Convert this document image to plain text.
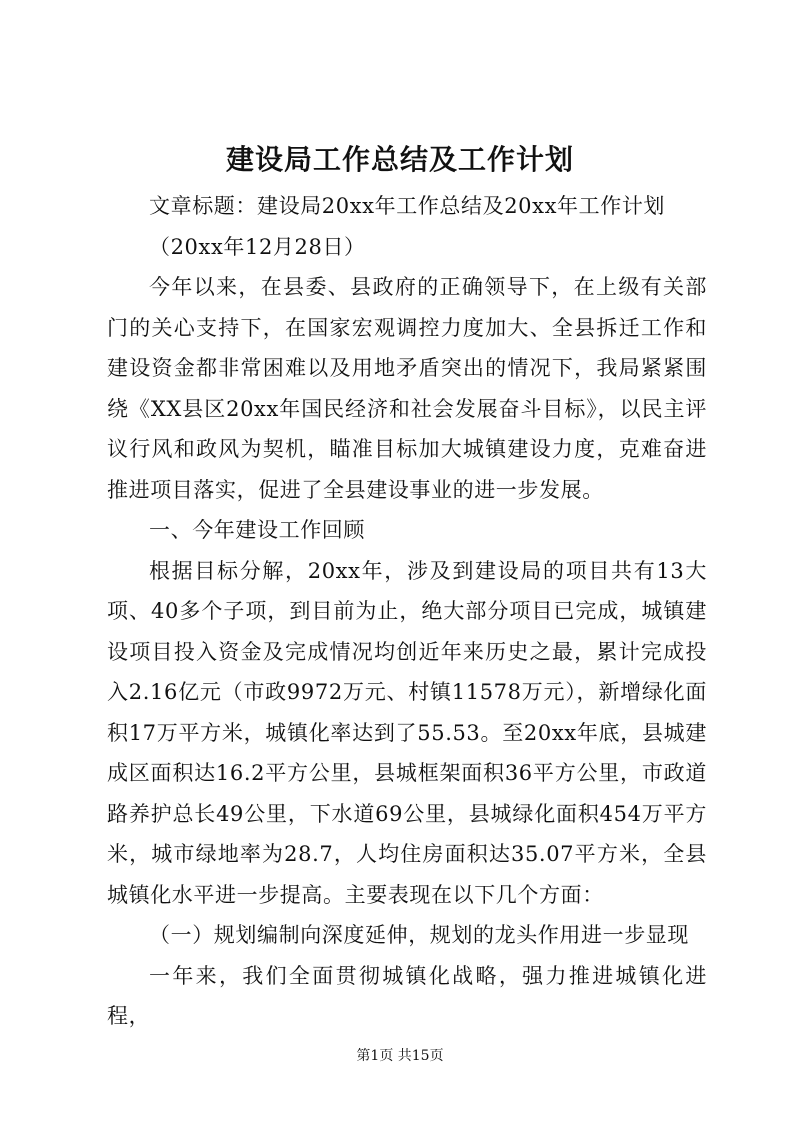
建设局工作总结及工作计划

文章标题：建设局20xx年工作总结及20xx年工作计划

（20xx年12月28日）

今年以来，在县委、县政府的正确领导下，在上级有关部门的关心支持下，在国家宏观调控力度加大、全县拆迁工作和建设资金都非常困难以及用地矛盾突出的情况下，我局紧紧围绕《XX县区20xx年国民经济和社会发展奋斗目标》，以民主评议行风和政风为契机，瞄准目标加大城镇建设力度，克难奋进推进项目落实，促进了全县建设事业的进一步发展。

一、今年建设工作回顾

根据目标分解，20xx年，涉及到建设局的项目共有13大项、40多个子项，到目前为止，绝大部分项目已完成，城镇建设项目投入资金及完成情况均创近年来历史之最，累计完成投入2.16亿元（市政9972万元、村镇11578万元），新增绿化面积17万平方米，城镇化率达到了55.53。至20xx年底，县城建成区面积达16.2平方公里，县城框架面积36平方公里，市政道路养护总长49公里，下水道69公里，县城绿化面积454万平方米，城市绿地率为28.7，人均住房面积达35.07平方米，全县城镇化水平进一步提高。主要表现在以下几个方面：

（一）规划编制向深度延伸，规划的龙头作用进一步显现

一年来，我们全面贯彻城镇化战略，强力推进城镇化进程，

第1页 共15页
